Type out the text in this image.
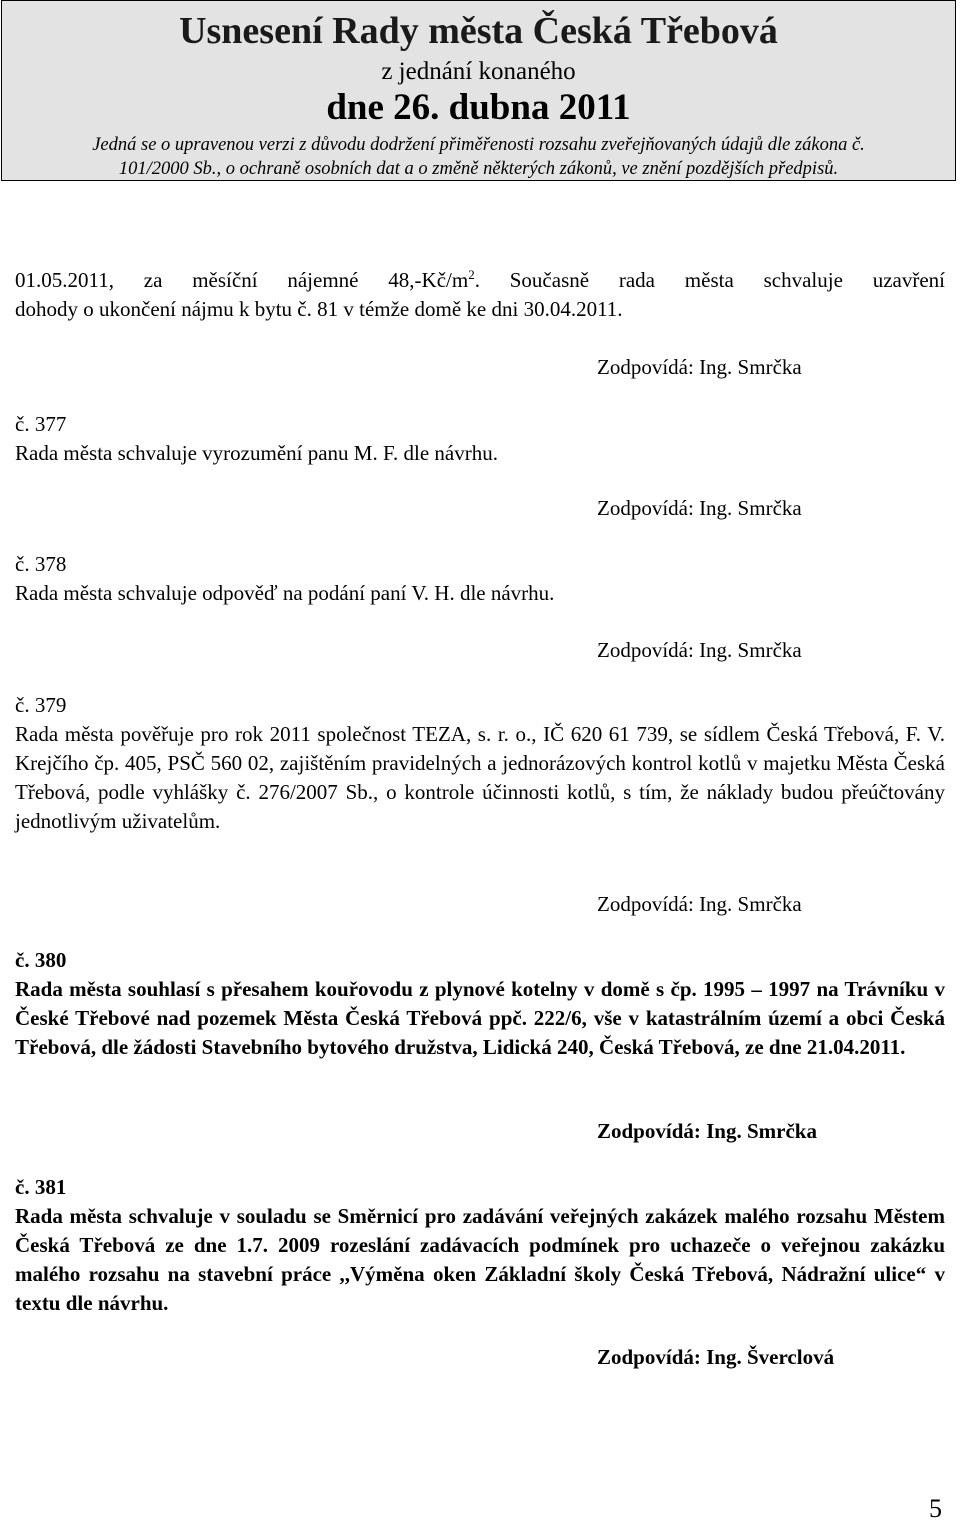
Usnesení Rady města Česká Třebová
z jednání konaného
dne 26. dubna 2011
Jedná se o upravenou verzi z důvodu dodržení přiměřenosti rozsahu zveřejňovaných údajů dle zákona č.
101/2000 Sb., o ochraně osobních dat a o změně některých zákonů, ve znění pozdějších předpisů.
01.05.2011, za měsíční nájemné $48,-Kč/m^2$. Současně rada města schvaluje uzavření
dohody o ukončení nájmu k bytu č. 81 v témže domě ke dni 30.04.2011.
Zodpovídá: Ing. Smrčka
č. 377
Rada města schvaluje vyrozumění panu M. F. dle návrhu.
Zodpovídá: Ing. Smrčka
č. 378
Rada města schvaluje odpověď na podání paní V. H. dle návrhu.
Zodpovídá: Ing. Smrčka
č. 379
Rada města pověřuje pro rok 2011 společnost TEZA, s. r. o., IČ 620 61 739, se sídlem Česká Třebová, F. V. Krejčího čp. 405, PSČ 560 02, zajištěním pravidelných a jednorázových kontrol kotlů v majetku Města Česká Třebová, podle vyhlášky č. 276/2007 Sb., o kontrole účinnosti kotlů, s tím, že náklady budou přeúčtovány jednotlivým uživatelům.
Zodpovídá: Ing. Smrčka
č. 380
Rada města souhlasí s přesahem kouřovodu z plynové kotelny v domě s čp. 1995 – 1997 na Trávníku v České Třebové nad pozemek Města Česká Třebová ppč. 222/6, vše v katastrálním území a obci Česká Třebová, dle žádosti Stavebního bytového družstva, Lidická 240, Česká Třebová, ze dne 21.04.2011.
Zodpovídá: Ing. Smrčka
č. 381
Rada města schvaluje v souladu se Směrnicí pro zadávání veřejných zakázek malého rozsahu Městem Česká Třebová ze dne 1.7. 2009 rozeslání zadávacích podmínek pro uchazeče o veřejnou zakázku malého rozsahu na stavební práce ,,Výměna oken Základní školy Česká Třebová, Nádražní ulice“ v textu dle návrhu.
Zodpovídá: Ing. Šverclová
5
